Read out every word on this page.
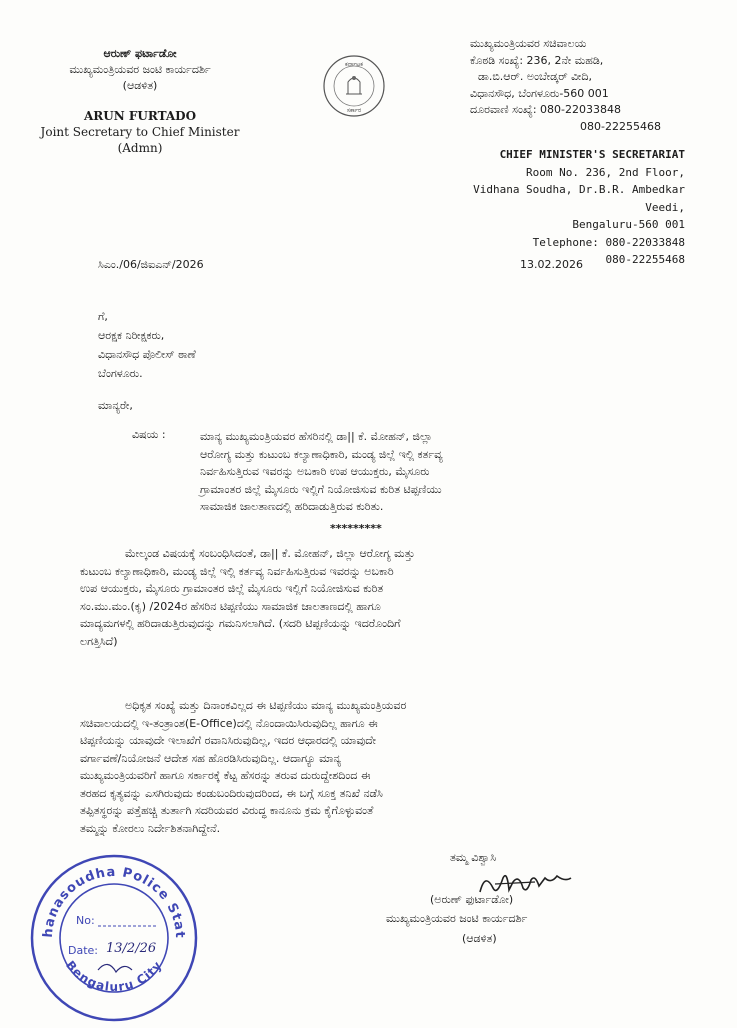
ಆರುಣ್ ಫರ್ಟಾಡೋ
ಮುಖ್ಯಮಂತ್ರಿಯವರ ಜಂಟಿ ಕಾರ್ಯದರ್ಶಿ
(ಆಡಳಿತ)
ARUN FURTADO
Joint Secretary to Chief Minister
(Admn)
ಕರ್ನಾಟಕ
ಸರ್ಕಾರ
ಮುಖ್ಯಮಂತ್ರಿಯವರ ಸಚಿವಾಲಯ
ಕೊಠಡಿ ಸಂಖ್ಯೆ: 236, 2ನೇ ಮಹಡಿ,
ಡಾ.ಬಿ.ಆರ್. ಅಂಬೇಡ್ಕರ್ ವೀದಿ,
ವಿಧಾನಸೌಧ, ಬೆಂಗಳೂರು-560 001
ದೂರವಾಣಿ ಸಂಖ್ಯೆ: 080-22033848
080-22255468
CHIEF MINISTER'S SECRETARIAT
Room No. 236, 2nd Floor,
Vidhana Soudha, Dr.B.R. Ambedkar Veedi,
Bengaluru-560 001
Telephone: 080-22033848
080-22255468
ಸಿಎಂ./06/ಜಿಐಎನ್/2026	13.02.2026
ಗೆ,
ಆರಕ್ಷಕ ನಿರೀಕ್ಷಕರು,
ವಿಧಾನಸೌಧ ಪೊಲೀಸ್ ಠಾಣೆ
ಬೆಂಗಳೂರು.
ಮಾನ್ಯರೇ,
ವಿಷಯ :	ಮಾನ್ಯ ಮುಖ್ಯಮಂತ್ರಿಯವರ ಹೆಸರಿನಲ್ಲಿ ಡಾ|| ಕೆ. ಮೋಹನ್, ಜಿಲ್ಲಾ
ಆರೋಗ್ಯ ಮತ್ತು ಕುಟುಂಬ ಕಲ್ಯಾಣಾಧಿಕಾರಿ, ಮಂಡ್ಯ ಜಿಲ್ಲೆ ಇಲ್ಲಿ ಕರ್ತವ್ಯ
ನಿರ್ವಹಿಸುತ್ತಿರುವ ಇವರನ್ನು ಅಬಕಾರಿ ಉಪ ಆಯುಕ್ತರು, ಮೈಸೂರು
ಗ್ರಾಮಾಂತರ ಜಿಲ್ಲೆ ಮೈಸೂರು ಇಲ್ಲಿಗೆ ನಿಯೋಜಿಸುವ ಕುರಿತ ಟಿಪ್ಪಣಿಯು
ಸಾಮಾಜಿಕ ಜಾಲತಾಣದಲ್ಲಿ ಹರಿದಾಡುತ್ತಿರುವ ಕುರಿತು.
*********
ಮೇಲ್ಕಂಡ ವಿಷಯಕ್ಕೆ ಸಂಬಂಧಿಸಿದಂತೆ, ಡಾ|| ಕೆ. ಮೋಹನ್, ಜಿಲ್ಲಾ ಆರೋಗ್ಯ ಮತ್ತು
ಕುಟುಂಬ ಕಲ್ಯಾಣಾಧಿಕಾರಿ, ಮಂಡ್ಯ ಜಿಲ್ಲೆ ಇಲ್ಲಿ ಕರ್ತವ್ಯ ನಿರ್ವಹಿಸುತ್ತಿರುವ ಇವರನ್ನು ಅಬಕಾರಿ
ಉಪ ಆಯುಕ್ತರು, ಮೈಸೂರು ಗ್ರಾಮಾಂತರ ಜಿಲ್ಲೆ ಮೈಸೂರು ಇಲ್ಲಿಗೆ ನಿಯೋಜಿಸುವ ಕುರಿತ
ಸಂ.ಮು.ಮಂ.(ಕೃ) /2024ರ ಹೆಸರಿನ ಟಿಪ್ಪಣಿಯು ಸಾಮಾಜಿಕ ಜಾಲತಾಣದಲ್ಲಿ ಹಾಗೂ
ಮಾದ್ಯಮಗಳಲ್ಲಿ ಹರಿದಾಡುತ್ತಿರುವುದನ್ನು ಗಮನಿಸಲಾಗಿದೆ. (ಸದರಿ ಟಿಪ್ಪಣಿಯನ್ನು ಇದರೊಂದಿಗೆ
ಲಗತ್ತಿಸಿದೆ)
ಅಧಿಕೃತ ಸಂಖ್ಯೆ ಮತ್ತು ದಿನಾಂಕವಿಲ್ಲದ ಈ ಟಿಪ್ಪಣಿಯು ಮಾನ್ಯ ಮುಖ್ಯಮಂತ್ರಿಯವರ
ಸಚಿವಾಲಯದಲ್ಲಿ ಇ-ತಂತ್ರಾಂಶ(E-Office)ದಲ್ಲಿ ನೊಂದಾಯಿಸಿರುವುದಿಲ್ಲ ಹಾಗೂ ಈ
ಟಿಪ್ಪಣಿಯನ್ನು ಯಾವುದೇ ಇಲಾಖೆಗೆ ರವಾನಿಸಿರುವುದಿಲ್ಲ, ಇದರ ಆಧಾರದಲ್ಲಿ ಯಾವುದೇ
ವರ್ಗಾವಣೆ/ನಿಯೋಜನೆ ಆದೇಶ ಸಹ ಹೊರಡಿಸಿರುವುದಿಲ್ಲ. ಆದಾಗ್ಯೂ ಮಾನ್ಯ
ಮುಖ್ಯಮಂತ್ರಿಯವರಿಗೆ ಹಾಗೂ ಸರ್ಕಾರಕ್ಕೆ ಕೆಟ್ಟ ಹೆಸರನ್ನು ತರುವ ದುರುದ್ದೇಶದಿಂದ ಈ
ತರಹದ ಕೃತ್ಯವನ್ನು ಎಸಗಿರುವುದು ಕಂಡುಬಂದಿರುವುದರಿಂದ, ಈ ಬಗ್ಗೆ ಸೂಕ್ತ ತನಿಖೆ ನಡೆಸಿ
ತಪ್ಪಿತಸ್ಥರನ್ನು ಪತ್ತೆಹಚ್ಚಿ ತುರ್ತಾಗಿ ಸದರಿಯವರ ವಿರುದ್ಧ ಕಾನೂನು ಕ್ರಮ ಕೈಗೊಳ್ಳುವಂತೆ
ತಮ್ಮನ್ನು ಕೋರಲು ನಿರ್ದೇಶಿತನಾಗಿದ್ದೇನೆ.
ತಮ್ಮ ವಿಶ್ವಾಸಿ
(ಅರುಣ್ ಫುರ್ಟಾಡೋ)
ಮುಖ್ಯಮಂತ್ರಿಯವರ ಜಂಟಿ ಕಾರ್ಯದರ್ಶಿ
(ಆಡಳಿತ)
hanasoudha Police Stat
Bengaluru City
No:
Date: 13/2/26
